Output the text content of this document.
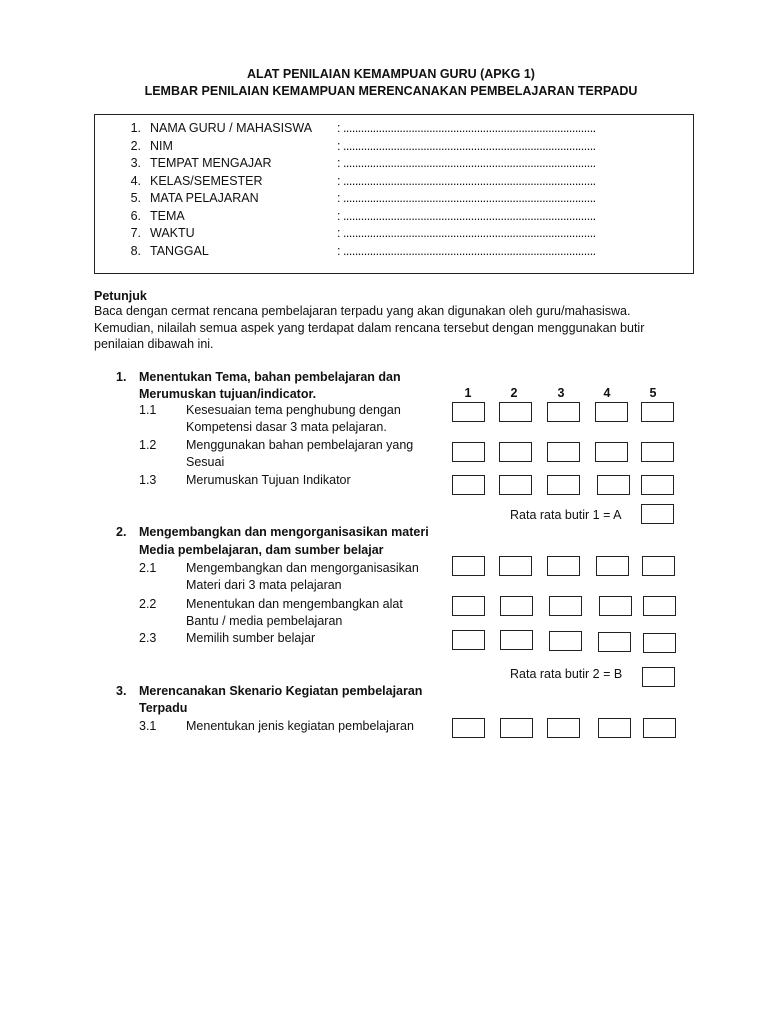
ALAT PENILAIAN KEMAMPUAN GURU (APKG 1)
LEMBAR PENILAIAN KEMAMPUAN MERENCANAKAN PEMBELAJARAN TERPADU
1. NAMA GURU / MAHASISWA : .....................................................................................
2. NIM	: .....................................................................................
3. TEMPAT MENGAJAR	: .....................................................................................
4. KELAS/SEMESTER	: .....................................................................................
5. MATA PELAJARAN	: .....................................................................................
6. TEMA	: .....................................................................................
7. WAKTU	: .....................................................................................
8. TANGGAL	: .....................................................................................
Petunjuk
Baca dengan cermat rencana pembelajaran terpadu yang akan digunakan oleh guru/mahasiswa.
Kemudian, nilailah semua aspek yang terdapat dalam rencana tersebut dengan menggunakan butir
penilaian dibawah ini.
1	2	3	4	5
1. Menentukan Tema, bahan pembelajaran dan
Merumuskan tujuan/indicator.
1.1 Kesesuaian tema penghubung dengan
Kompetensi dasar 3 mata pelajaran.
1.2 Menggunakan bahan pembelajaran yang
Sesuai
1.3 Merumuskan Tujuan Indikator
Rata rata butir 1 = A
2. Mengembangkan dan mengorganisasikan materi
Media pembelajaran, dam sumber belajar
2.1 Mengembangkan dan mengorganisasikan
Materi dari 3 mata pelajaran
2.2 Menentukan dan mengembangkan alat
Bantu / media pembelajaran
2.3 Memilih sumber belajar
Rata rata butir 2 = B
3. Merencanakan Skenario Kegiatan pembelajaran
Terpadu
3.1 Menentukan jenis kegiatan pembelajaran
